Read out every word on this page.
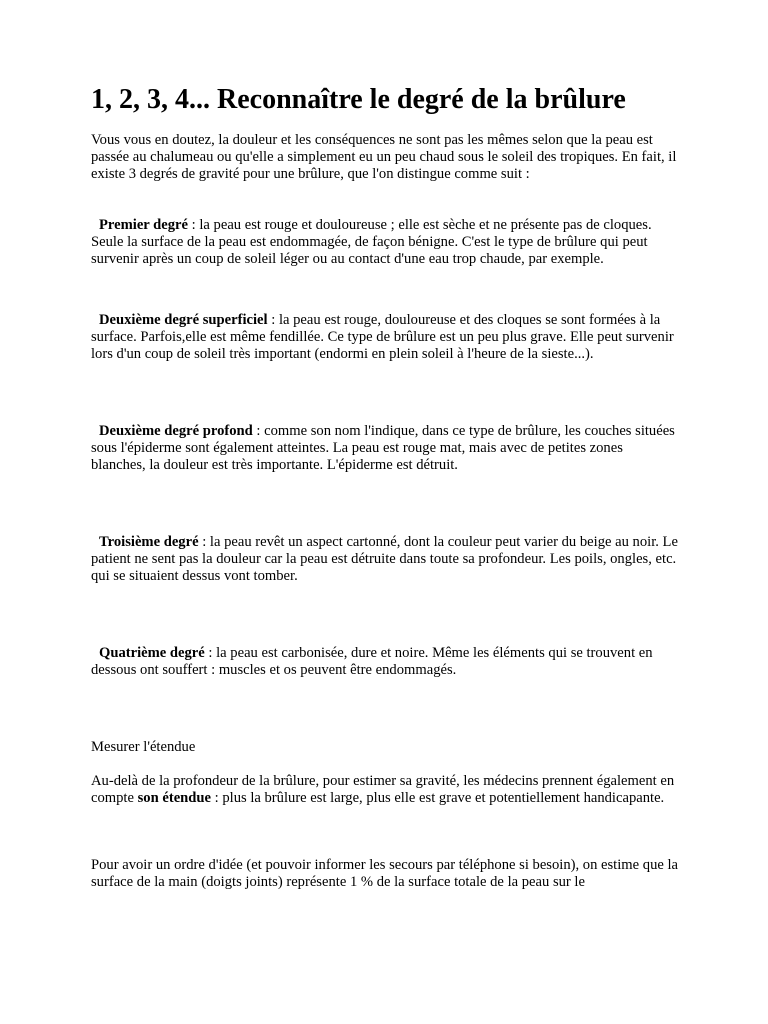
1, 2, 3, 4... Reconnaître le degré de la brûlure

Vous vous en doutez, la douleur et les conséquences ne sont pas les mêmes selon que la peau est passée au chalumeau ou qu'elle a simplement eu un peu chaud sous le soleil des tropiques. En fait, il existe 3 degrés de gravité pour une brûlure, que l'on distingue comme suit :

Premier degré : la peau est rouge et douloureuse ; elle est sèche et ne présente pas de cloques. Seule la surface de la peau est endommagée, de façon bénigne. C'est le type de brûlure qui peut survenir après un coup de soleil léger ou au contact d'une eau trop chaude, par exemple.

Deuxième degré superficiel : la peau est rouge, douloureuse et des cloques se sont formées à la surface. Parfois,elle est même fendillée. Ce type de brûlure est un peu plus grave. Elle peut survenir lors d'un coup de soleil très important (endormi en plein soleil à l'heure de la sieste...).

Deuxième degré profond : comme son nom l'indique, dans ce type de brûlure, les couches situées sous l'épiderme sont également atteintes. La peau est rouge mat, mais avec de petites zones blanches, la douleur est très importante. L'épiderme est détruit.

Troisième degré : la peau revêt un aspect cartonné, dont la couleur peut varier du beige au noir. Le patient ne sent pas la douleur car la peau est détruite dans toute sa profondeur. Les poils, ongles, etc. qui se situaient dessus vont tomber.

Quatrième degré : la peau est carbonisée, dure et noire. Même les éléments qui se trouvent en dessous ont souffert : muscles et os peuvent être endommagés.

Mesurer l'étendue

Au-delà de la profondeur de la brûlure, pour estimer sa gravité, les médecins prennent également en compte son étendue : plus la brûlure est large, plus elle est grave et potentiellement handicapante.

Pour avoir un ordre d'idée (et pouvoir informer les secours par téléphone si besoin), on estime que la surface de la main (doigts joints) représente 1 % de la surface totale de la peau sur le
